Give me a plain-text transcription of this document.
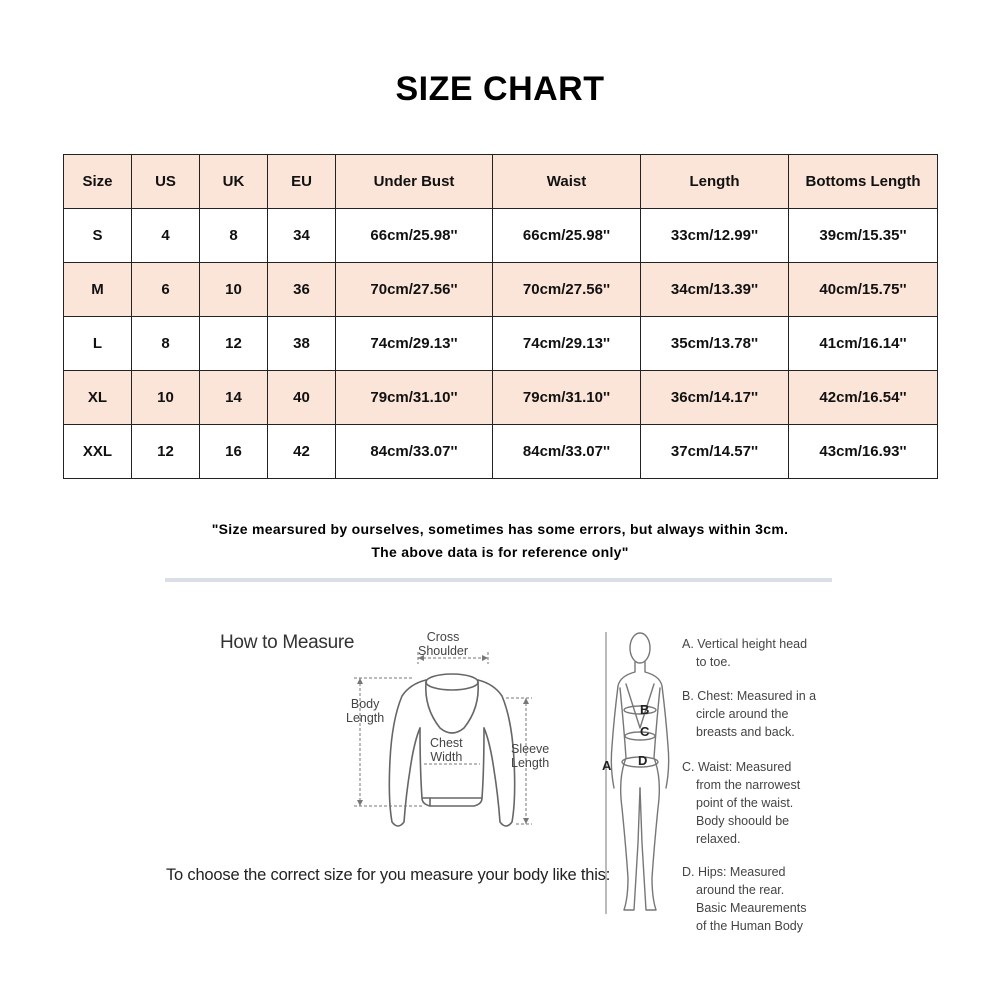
SIZE CHART
Size	US	UK	EU	Under Bust	Waist	Length	Bottoms Length
S	4	8	34	66cm/25.98''	66cm/25.98''	33cm/12.99''	39cm/15.35''
M	6	10	36	70cm/27.56''	70cm/27.56''	34cm/13.39''	40cm/15.75''
L	8	12	38	74cm/29.13''	74cm/29.13''	35cm/13.78''	41cm/16.14''
XL	10	14	40	79cm/31.10''	79cm/31.10''	36cm/14.17''	42cm/16.54''
XXL	12	16	42	84cm/33.07''	84cm/33.07''	37cm/14.57''	43cm/16.93''
"Size mearsured by ourselves, sometimes has some errors, but always within 3cm.
The above data is for reference only"
How to Measure	Cross
Shoulder
Body
Length
Chest
Width
Sleeve
Length
To choose the correct size for you measure your body like this:
B
C
A D
A. Vertical height head
to toe.
B. Chest: Measured in a
circle around the
breasts and back.
C. Waist: Measured
from the narrowest
point of the waist.
Body shoould be
relaxed.
D. Hips: Measured
around the rear.
Basic Meaurements
of the Human Body
